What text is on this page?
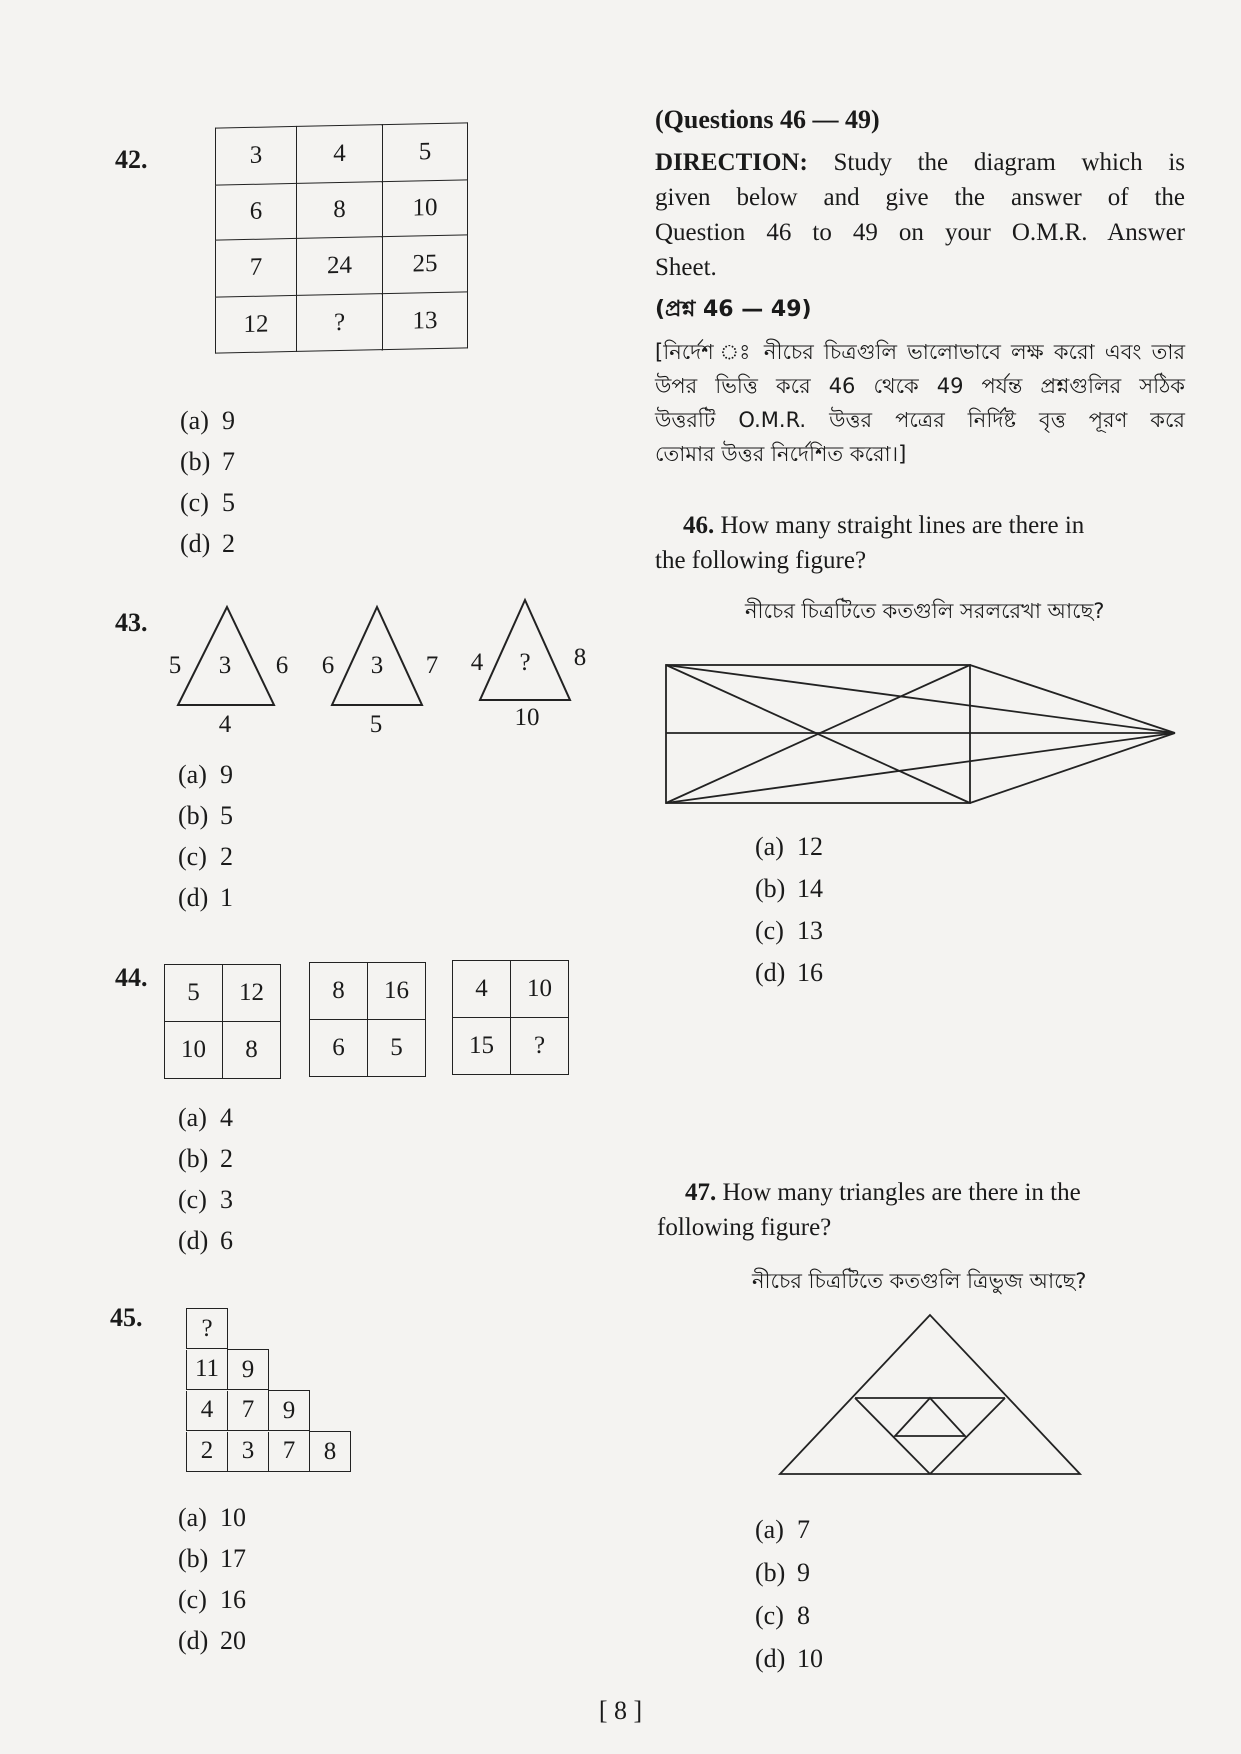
42.	3	4	5
6	8	10
7	24	25
12	?	13
(a) 9
(b) 7
(c) 5
(d) 2
43.
5 3 6
4
6 3 7
5
4 ? 8
10
(a) 9
(b) 5
(c) 2
(d) 1
44.
5	12
10	8
8	16
6	5
4	10
15	?
(a) 4
(b) 2
(c) 3
(d) 6
45. ?
11	9
4	7	9
2	3	7	8
(a) 10
(b) 17
(c) 16
(d) 20
(Questions 46 — 49)
DIRECTION: Study the diagram which is
given below and give the answer of the
Question 46 to 49 on your O.M.R. Answer
Sheet.
(প্রশ্ন 46 — 49)
[নির্দেশ ঃ নীচের চিত্রগুলি ভালোভাবে লক্ষ করো এবং তার
উপর ভিত্তি করে 46 থেকে 49 পর্যন্ত প্রশ্নগুলির সঠিক
উত্তরটি O.M.R. উত্তর পত্রের নির্দিষ্ট বৃত্ত পূরণ করে
তোমার উত্তর নির্দেশিত করো।]
46. How many straight lines are there in
the following figure?
নীচের চিত্রটিতে কতগুলি সরলরেখা আছে?
(a) 12
(b) 14
(c) 13
(d) 16
47. How many triangles are there in the
following figure?
নীচের চিত্রটিতে কতগুলি ত্রিভুজ আছে?
(a) 7
(b) 9
(c) 8
(d) 10
[ 8 ]
